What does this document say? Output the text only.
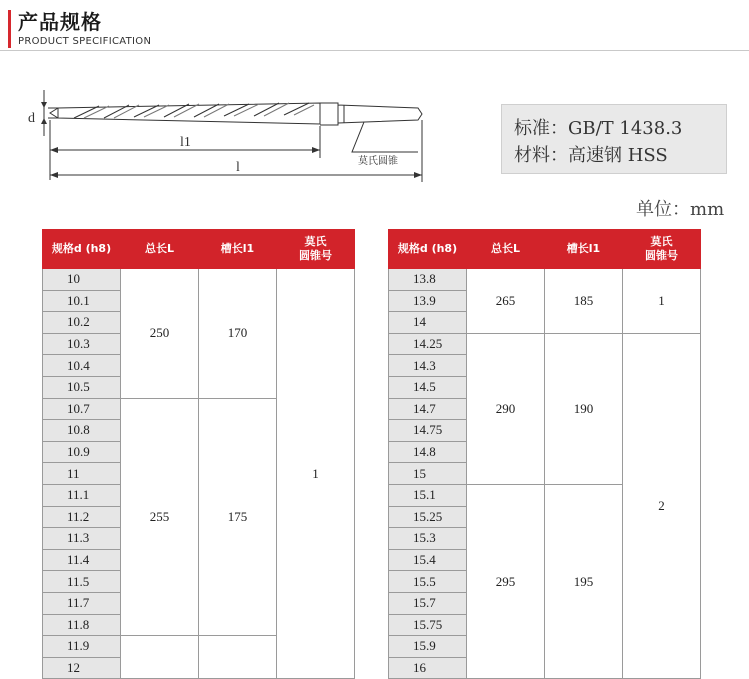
产品规格
PRODUCT SPECIFICATION
d
l1
l	莫氏圆锥
标准：GB/T 1438.3
材料：高速钢 HSS
单位：mm
规格d (h8)	总长L	槽长l1	莫氏
圆锥号
10	250	170	1
10.1			
10.2			
10.3			
10.4			
10.5			
10.7	255	175	
10.8			
10.9			
11			
11.1			
11.2			
11.3			
11.4			
11.5			
11.7			
11.8			
11.9			
12			
规格d (h8)	总长L	槽长l1	莫氏
圆锥号
13.8	265	185	1
13.9			
14			
14.25	290	190	2
14.3			
14.5			
14.7			
14.75			
14.8			
15			
15.1	295	195	
15.25			
15.3			
15.4			
15.5			
15.7			
15.75			
15.9			
16			
